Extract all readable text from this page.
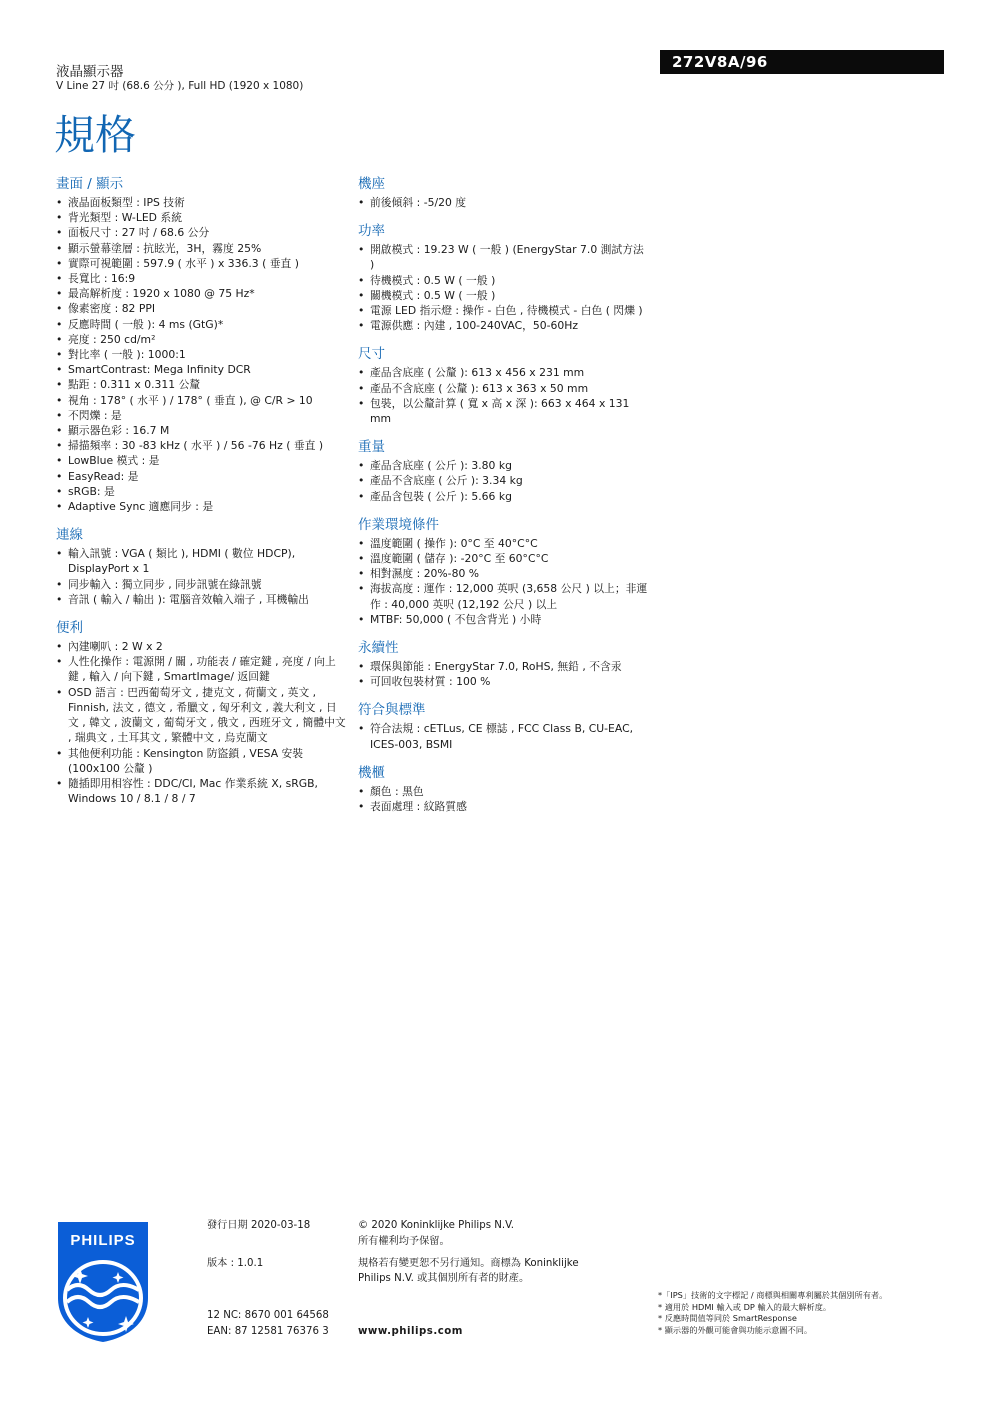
液晶顯示器
V Line 27 吋 (68.6 公分 ), Full HD (1920 x 1080)
272V8A/96
規格
畫面 / 顯示
• 液晶面板類型 : IPS 技術
• 背光類型 : W-LED 系統
• 面板尺寸 : 27 吋 / 68.6 公分
• 顯示螢幕塗層 : 抗眩光，3H，霧度 25%
• 實際可視範圍 : 597.9 ( 水平 ) x 336.3 ( 垂直 )
• 長寬比 : 16:9
• 最高解析度 : 1920 x 1080 @ 75 Hz*
• 像素密度 : 82 PPI
• 反應時間 ( 一般 ): 4 ms (GtG)*
• 亮度 : 250 cd/m²
• 對比率 ( 一般 ): 1000:1
• SmartContrast: Mega Infinity DCR
• 點距 : 0.311 x 0.311 公釐
• 視角 : 178° ( 水平 ) / 178° ( 垂直 ), @ C/R > 10
• 不閃爍 : 是
• 顯示器色彩 : 16.7 M
• 掃描頻率 : 30 -83 kHz ( 水平 ) / 56 -76 Hz ( 垂直 )
• LowBlue 模式 : 是
• EasyRead: 是
• sRGB: 是
• Adaptive Sync 適應同步 : 是
連線
• 輸入訊號 : VGA ( 類比 ), HDMI ( 數位 HDCP), DisplayPort x 1
• 同步輸入 : 獨立同步 , 同步訊號在綠訊號
• 音訊 ( 輸入 / 輸出 ): 電腦音效輸入端子 , 耳機輸出
便利
• 內建喇叭 : 2 W x 2
• 人性化操作 : 電源開 / 關 , 功能表 / 確定鍵 , 亮度 / 向上鍵 , 輸入 / 向下鍵 , SmartImage/ 返回鍵
• OSD 語言 : 巴西葡萄牙文 , 捷克文 , 荷蘭文 , 英文 , Finnish, 法文 , 德文 , 希臘文 , 匈牙利文 , 義大利文 , 日文 , 韓文 , 波蘭文 , 葡萄牙文 , 俄文 , 西班牙文 , 簡體中文 , 瑞典文 , 土耳其文 , 繁體中文 , 烏克蘭文
• 其他便利功能 : Kensington 防盜鎖 , VESA 安裝 (100x100 公釐 )
• 隨插即用相容性 : DDC/CI, Mac 作業系統 X, sRGB, Windows 10 / 8.1 / 8 / 7
機座
• 前後傾斜 : -5/20 度
功率
• 開啟模式 : 19.23 W ( 一般 ) (EnergyStar 7.0 測試方法 )
• 待機模式 : 0.5 W ( 一般 )
• 關機模式 : 0.5 W ( 一般 )
• 電源 LED 指示燈 : 操作 - 白色 , 待機模式 - 白色 ( 閃爍 )
• 電源供應 : 內建 , 100-240VAC，50-60Hz
尺寸
• 產品含底座 ( 公釐 ): 613 x 456 x 231 mm
• 產品不含底座 ( 公釐 ): 613 x 363 x 50 mm
• 包裝，以公釐計算 ( 寬 x 高 x 深 ): 663 x 464 x 131 mm
重量
• 產品含底座 ( 公斤 ): 3.80 kg
• 產品不含底座 ( 公斤 ): 3.34 kg
• 產品含包裝 ( 公斤 ): 5.66 kg
作業環境條件
• 溫度範圍 ( 操作 ): 0°C 至 40°C°C
• 溫度範圍 ( 儲存 ): -20°C 至 60°C°C
• 相對濕度 : 20%-80 %
• 海拔高度 : 運作 : 12,000 英呎 (3,658 公尺 ) 以上；非運作 : 40,000 英呎 (12,192 公尺 ) 以上
• MTBF: 50,000 ( 不包含背光 ) 小時
永續性
• 環保與節能 : EnergyStar 7.0, RoHS, 無鉛 , 不含汞
• 可回收包裝材質 : 100 %
符合與標準
• 符合法規 : cETLus, CE 標誌 , FCC Class B, CU-EAC, ICES-003, BSMI
機櫃
• 顏色 : 黑色
• 表面處理 : 紋路質感
PHILIPS
發行日期 2020-03-18
版本 : 1.0.1
12 NC: 8670 001 64568
EAN: 87 12581 76376 3
© 2020 Koninklijke Philips N.V.
所有權利均予保留。
規格若有變更恕不另行通知。商標為 Koninklijke
Philips N.V. 或其個別所有者的財產。
www.philips.com
*「IPS」技術的文字標記 / 商標與相關專利屬於其個別所有者。
* 適用於 HDMI 輸入或 DP 輸入的最大解析度。
* 反應時間值等同於 SmartResponse
* 顯示器的外觀可能會與功能示意圖不同。
